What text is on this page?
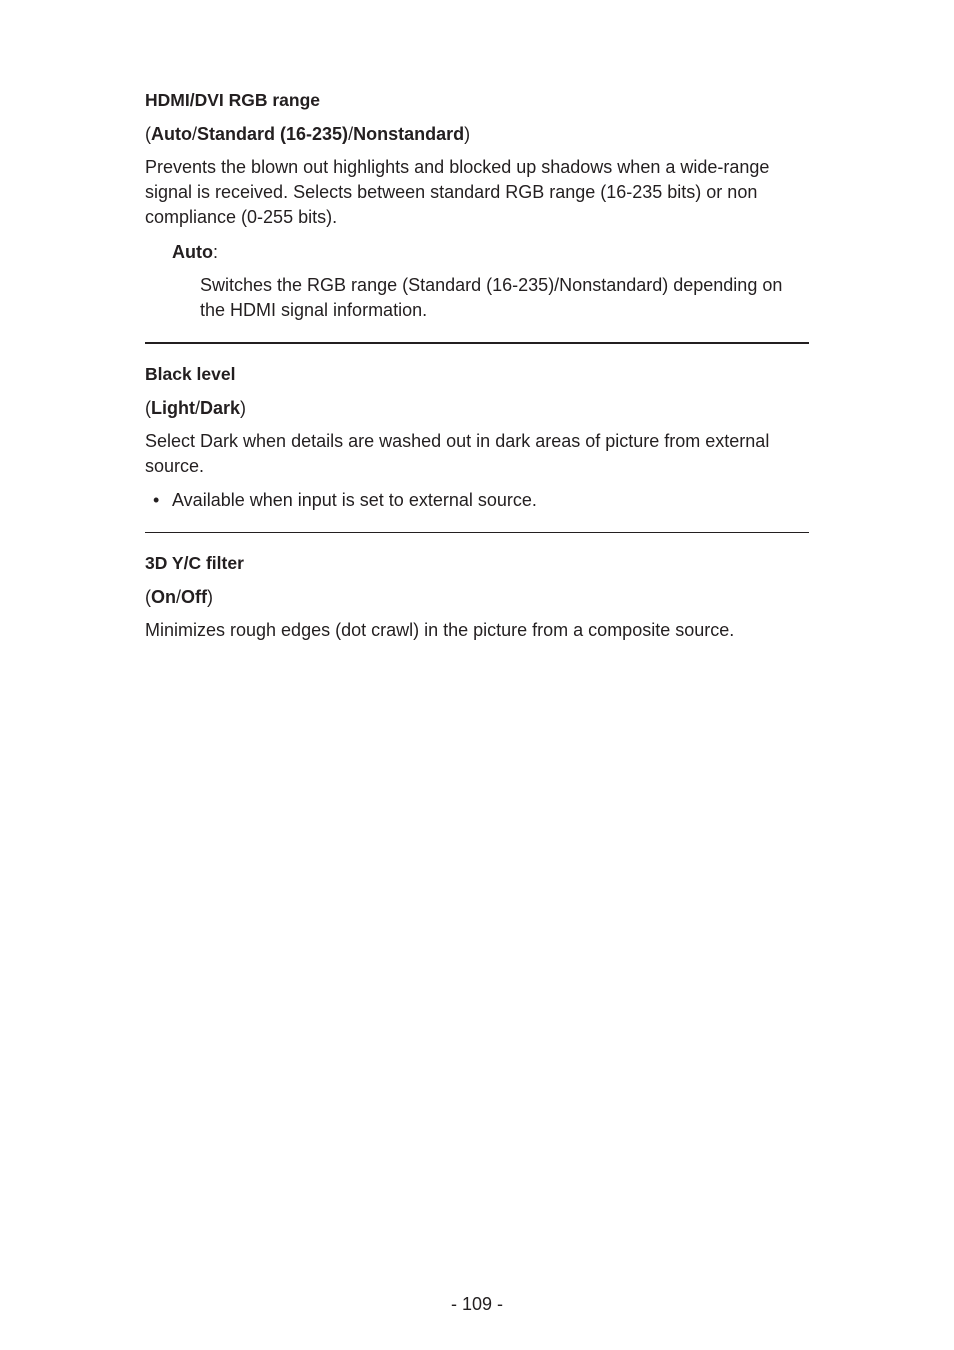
HDMI/DVI RGB range

(Auto/Standard (16-235)/Nonstandard)

Prevents the blown out highlights and blocked up shadows when a wide-range signal is received. Selects between standard RGB range (16-235 bits) or non compliance (0-255 bits).

Auto:

Switches the RGB range (Standard (16-235)/Nonstandard) depending on the HDMI signal information.

Black level

(Light/Dark)

Select Dark when details are washed out in dark areas of picture from external source.

• Available when input is set to external source.

3D Y/C filter

(On/Off)

Minimizes rough edges (dot crawl) in the picture from a composite source.

- 109 -
